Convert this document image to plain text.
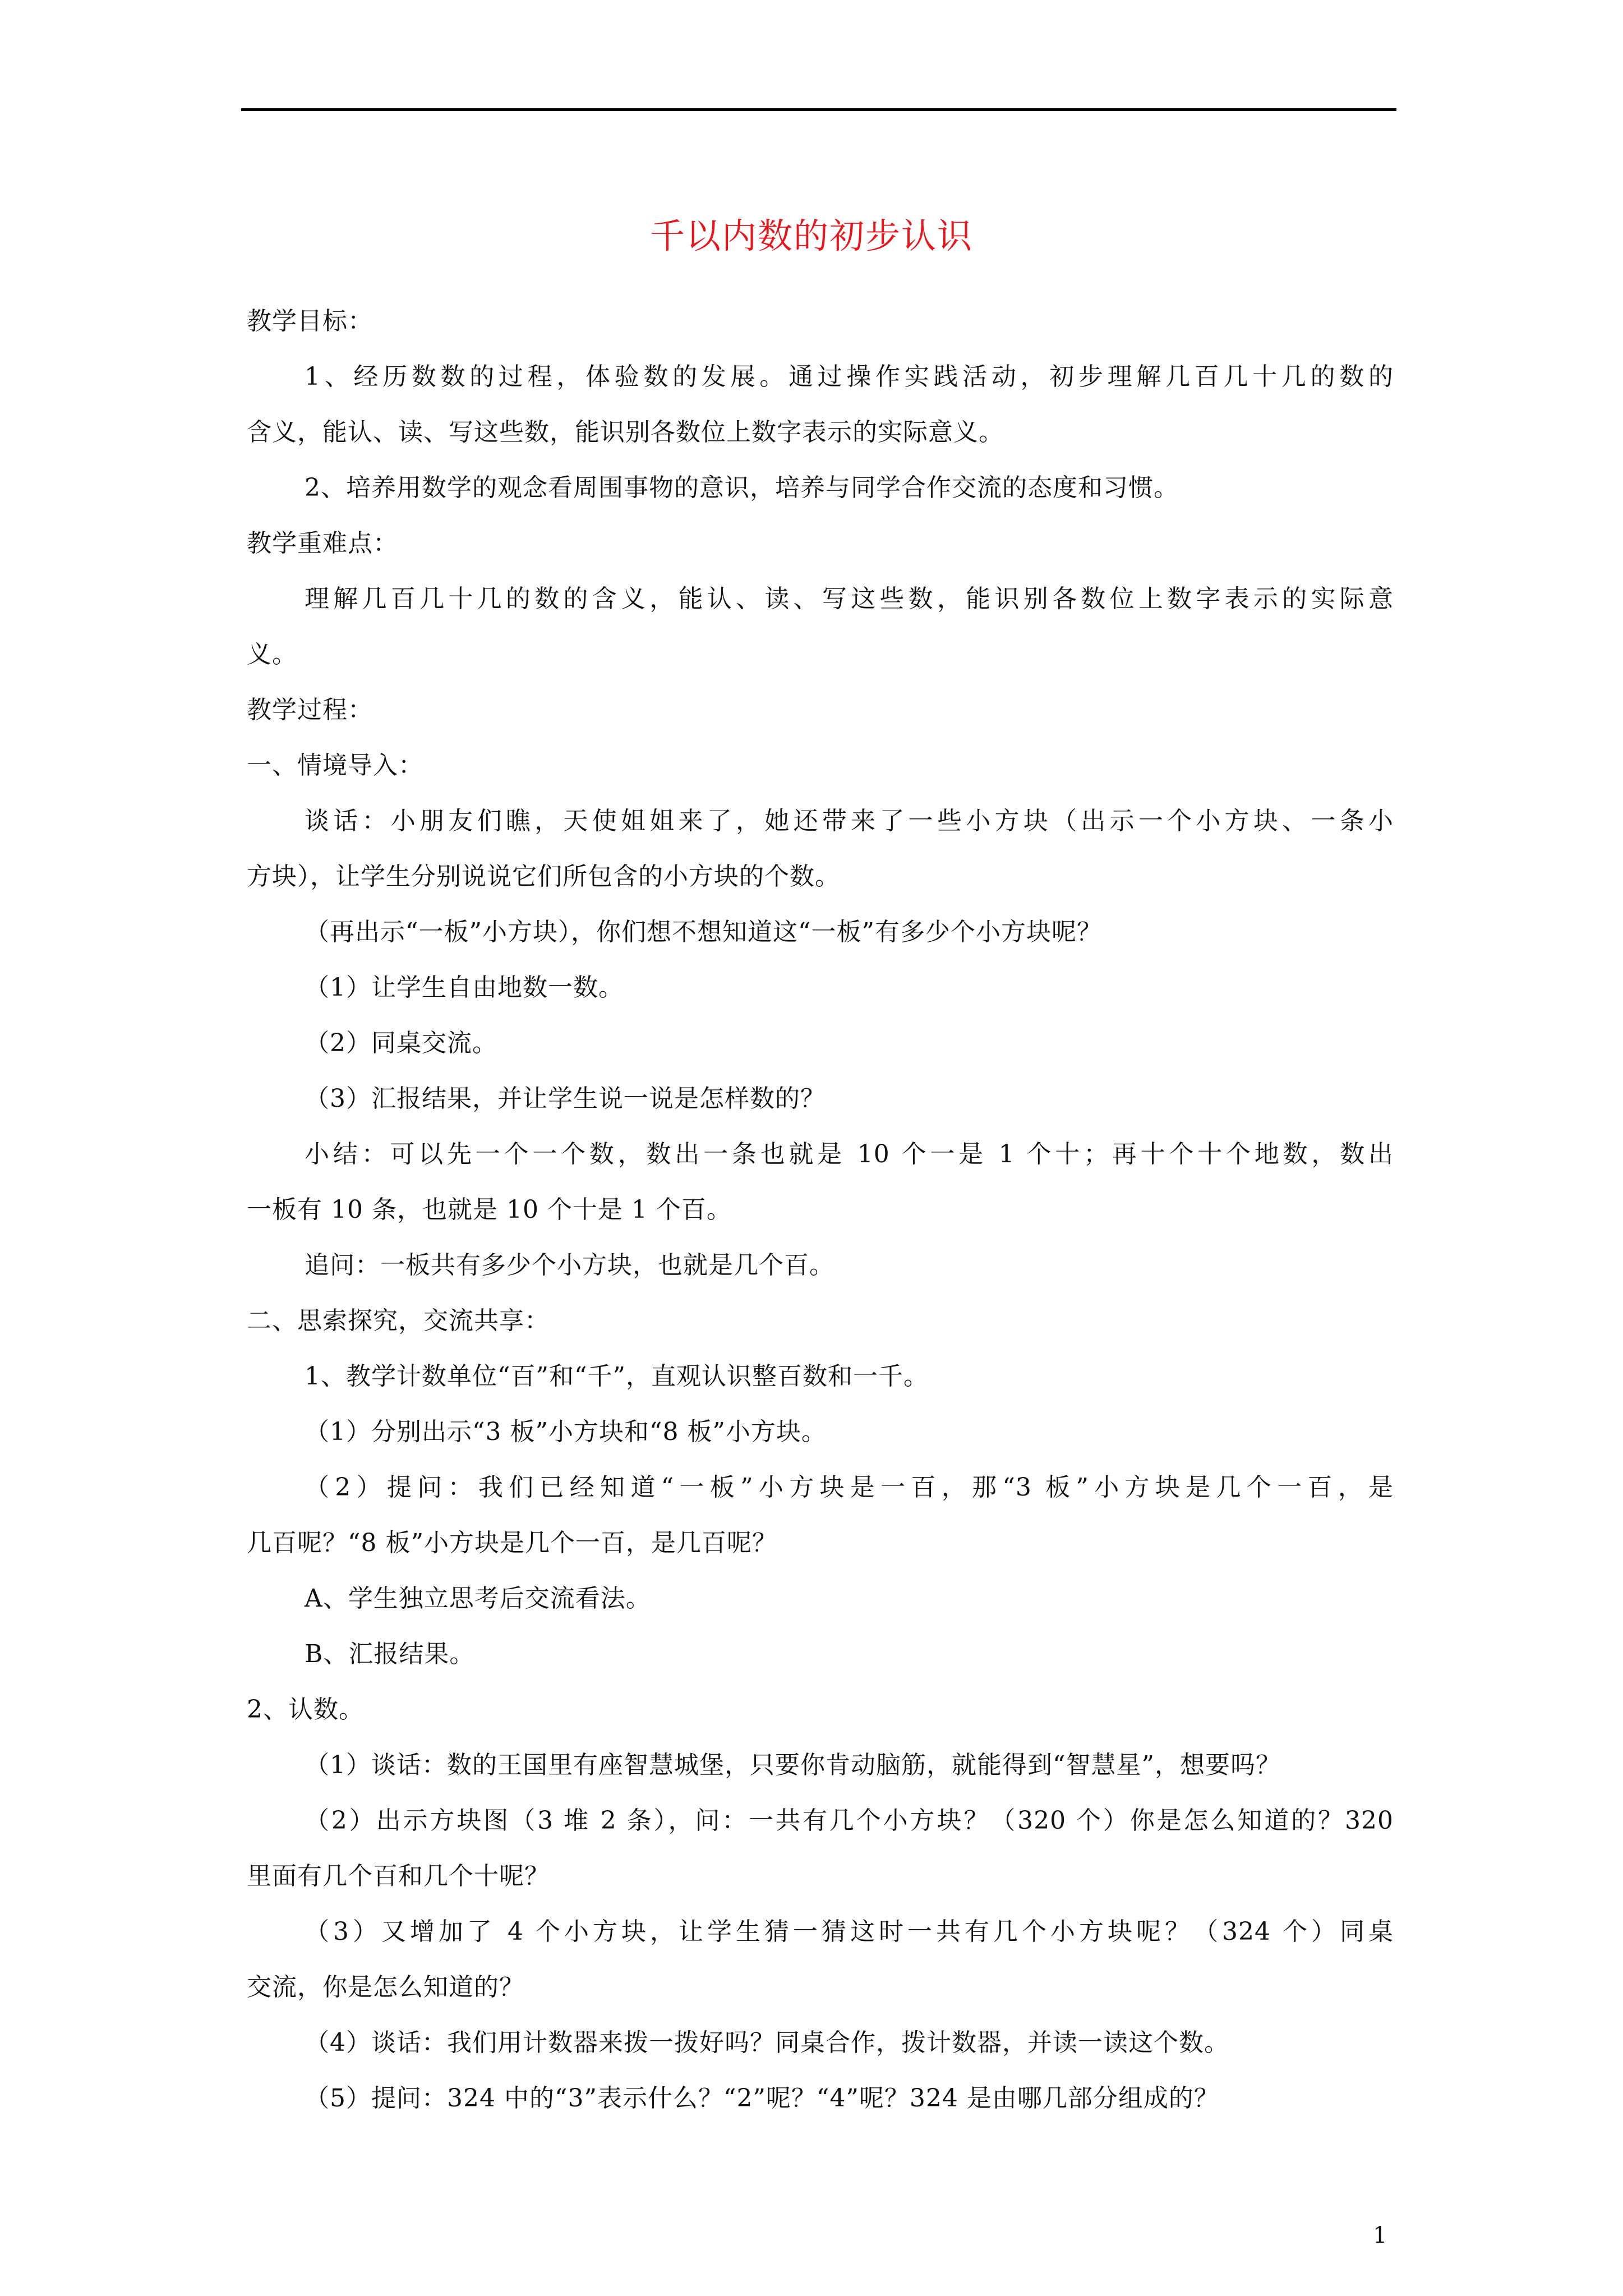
千以内数的初步认识
教学目标：
1、经历数数的过程，体验数的发展。通过操作实践活动，初步理解几百几十几的数的
含义，能认、读、写这些数，能识别各数位上数字表示的实际意义。
2、培养用数学的观念看周围事物的意识，培养与同学合作交流的态度和习惯。
教学重难点：
理解几百几十几的数的含义，能认、读、写这些数，能识别各数位上数字表示的实际意
义。
教学过程：
一、情境导入：
谈话：小朋友们瞧，天使姐姐来了，她还带来了一些小方块（出示一个小方块、一条小
方块），让学生分别说说它们所包含的小方块的个数。
（再出示“一板”小方块），你们想不想知道这“一板”有多少个小方块呢？
（1）让学生自由地数一数。
（2）同桌交流。
（3）汇报结果，并让学生说一说是怎样数的？
小结：可以先一个一个数，数出一条也就是 10 个一是 1 个十；再十个十个地数，数出
一板有 10 条，也就是 10 个十是 1 个百。
追问：一板共有多少个小方块，也就是几个百。
二、思索探究，交流共享：
1、教学计数单位“百”和“千”，直观认识整百数和一千。
（1）分别出示“3 板”小方块和“8 板”小方块。
（2）提问：我们已经知道“一板”小方块是一百，那“3 板”小方块是几个一百，是
几百呢？“8 板”小方块是几个一百，是几百呢？
A、学生独立思考后交流看法。
B、汇报结果。
2、认数。
（1）谈话：数的王国里有座智慧城堡，只要你肯动脑筋，就能得到“智慧星”，想要吗？
（2）出示方块图（3 堆 2 条），问：一共有几个小方块？（320 个）你是怎么知道的？320
里面有几个百和几个十呢？
（3）又增加了 4 个小方块，让学生猜一猜这时一共有几个小方块呢？（324 个）同桌
交流，你是怎么知道的？
（4）谈话：我们用计数器来拨一拨好吗？同桌合作，拨计数器，并读一读这个数。
（5）提问：324 中的“3”表示什么？“2”呢？“4”呢？324 是由哪几部分组成的？
1
